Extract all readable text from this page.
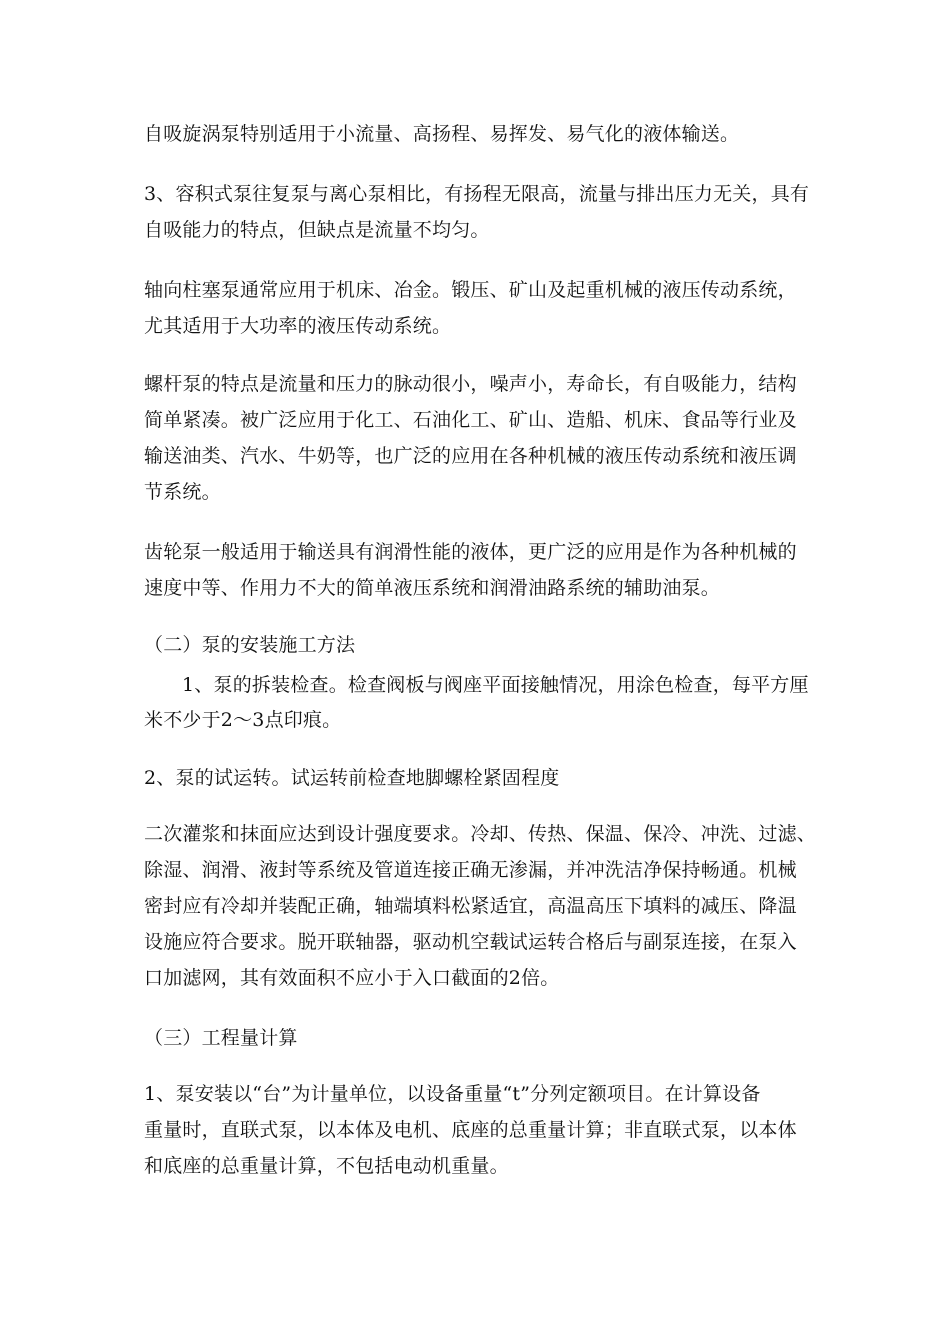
自吸旋涡泵特别适用于小流量、高扬程、易挥发、易气化的液体输送。
3、容积式泵往复泵与离心泵相比，有扬程无限高，流量与排出压力无关，具有
自吸能力的特点，但缺点是流量不均匀。
轴向柱塞泵通常应用于机床、冶金。锻压、矿山及起重机械的液压传动系统，
尤其适用于大功率的液压传动系统。
螺杆泵的特点是流量和压力的脉动很小，噪声小，寿命长，有自吸能力，结构
简单紧凑。被广泛应用于化工、石油化工、矿山、造船、机床、食品等行业及
输送油类、汽水、牛奶等，也广泛的应用在各种机械的液压传动系统和液压调
节系统。
齿轮泵一般适用于输送具有润滑性能的液体，更广泛的应用是作为各种机械的
速度中等、作用力不大的简单液压系统和润滑油路系统的辅助油泵。
（二）泵的安装施工方法
1、泵的拆装检查。检查阀板与阀座平面接触情况，用涂色检查，每平方厘
米不少于2～3点印痕。
2、泵的试运转。试运转前检查地脚螺栓紧固程度
二次灌浆和抹面应达到设计强度要求。冷却、传热、保温、保冷、冲洗、过滤、
除湿、润滑、液封等系统及管道连接正确无渗漏，并冲洗洁净保持畅通。机械
密封应有冷却并装配正确，轴端填料松紧适宜，高温高压下填料的减压、降温
设施应符合要求。脱开联轴器，驱动机空载试运转合格后与副泵连接，在泵入
口加滤网，其有效面积不应小于入口截面的2倍。
（三）工程量计算
1、泵安装以“台”为计量单位，以设备重量“t”分列定额项目。在计算设备
重量时，直联式泵，以本体及电机、底座的总重量计算；非直联式泵，以本体
和底座的总重量计算，不包括电动机重量。
